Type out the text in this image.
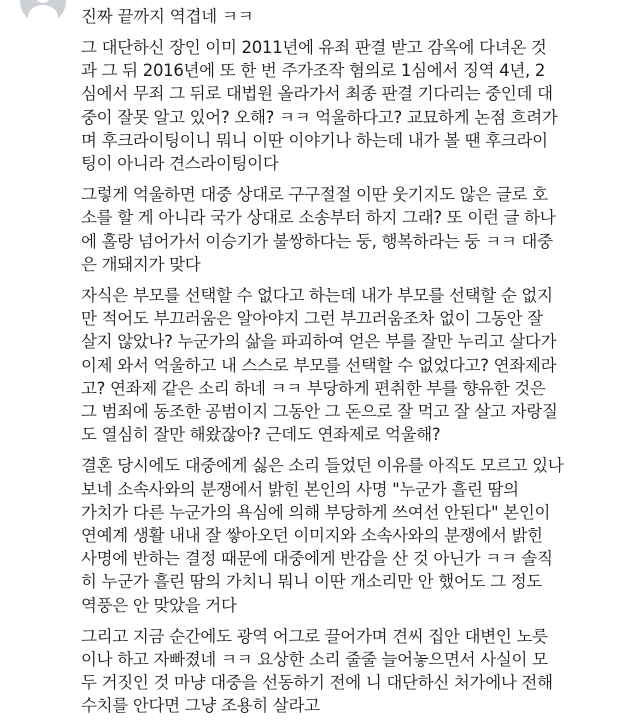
진짜 끝까지 역겹네 ㅋㅋ
그 대단하신 장인 이미 2011년에 유죄 판결 받고 감옥에 다녀온 것
과 그 뒤 2016년에 또 한 번 주가조작 혐의로 1심에서 징역 4년, 2
심에서 무죄 그 뒤로 대법원 올라가서 최종 판결 기다리는 중인데 대
중이 잘못 알고 있어? 오해? ㅋㅋ 억울하다고? 교묘하게 논점 흐려가
며 후크라이팅이니 뭐니 이딴 이야기나 하는데 내가 볼 땐 후크라이
팅이 아니라 견스라이팅이다
그렇게 억울하면 대중 상대로 구구절절 이딴 웃기지도 않은 글로 호
소를 할 게 아니라 국가 상대로 소송부터 하지 그래? 또 이런 글 하나
에 홀랑 넘어가서 이승기가 불쌍하다는 둥, 행복하라는 둥 ㅋㅋ 대중
은 개돼지가 맞다
자식은 부모를 선택할 수 없다고 하는데 내가 부모를 선택할 순 없지
만 적어도 부끄러움은 알아야지 그런 부끄러움조차 없이 그동안 잘
살지 않았나? 누군가의 삶을 파괴하여 얻은 부를 잘만 누리고 살다가
이제 와서 억울하고 내 스스로 부모를 선택할 수 없었다고? 연좌제라
고? 연좌제 같은 소리 하네 ㅋㅋ 부당하게 편취한 부를 향유한 것은
그 범죄에 동조한 공범이지 그동안 그 돈으로 잘 먹고 잘 살고 자랑질
도 열심히 잘만 해왔잖아? 근데도 연좌제로 억울해?
결혼 당시에도 대중에게 싫은 소리 들었던 이유를 아직도 모르고 있나
보네 소속사와의 분쟁에서 밝힌 본인의 사명 "누군가 흘린 땀의
가치가 다른 누군가의 욕심에 의해 부당하게 쓰여선 안된다" 본인이
연예계 생활 내내 잘 쌓아오던 이미지와 소속사와의 분쟁에서 밝힌
사명에 반하는 결정 때문에 대중에게 반감을 산 것 아닌가 ㅋㅋ 솔직
히 누군가 흘린 땀의 가치니 뭐니 이딴 개소리만 안 했어도 그 정도
역풍은 안 맞았을 거다
그리고 지금 순간에도 광역 어그로 끌어가며 견씨 집안 대변인 노릇
이나 하고 자빠졌네 ㅋㅋ 요상한 소리 줄줄 늘어놓으면서 사실이 모
두 거짓인 것 마냥 대중을 선동하기 전에 니 대단하신 처가에나 전해
수치를 안다면 그냥 조용히 살라고
